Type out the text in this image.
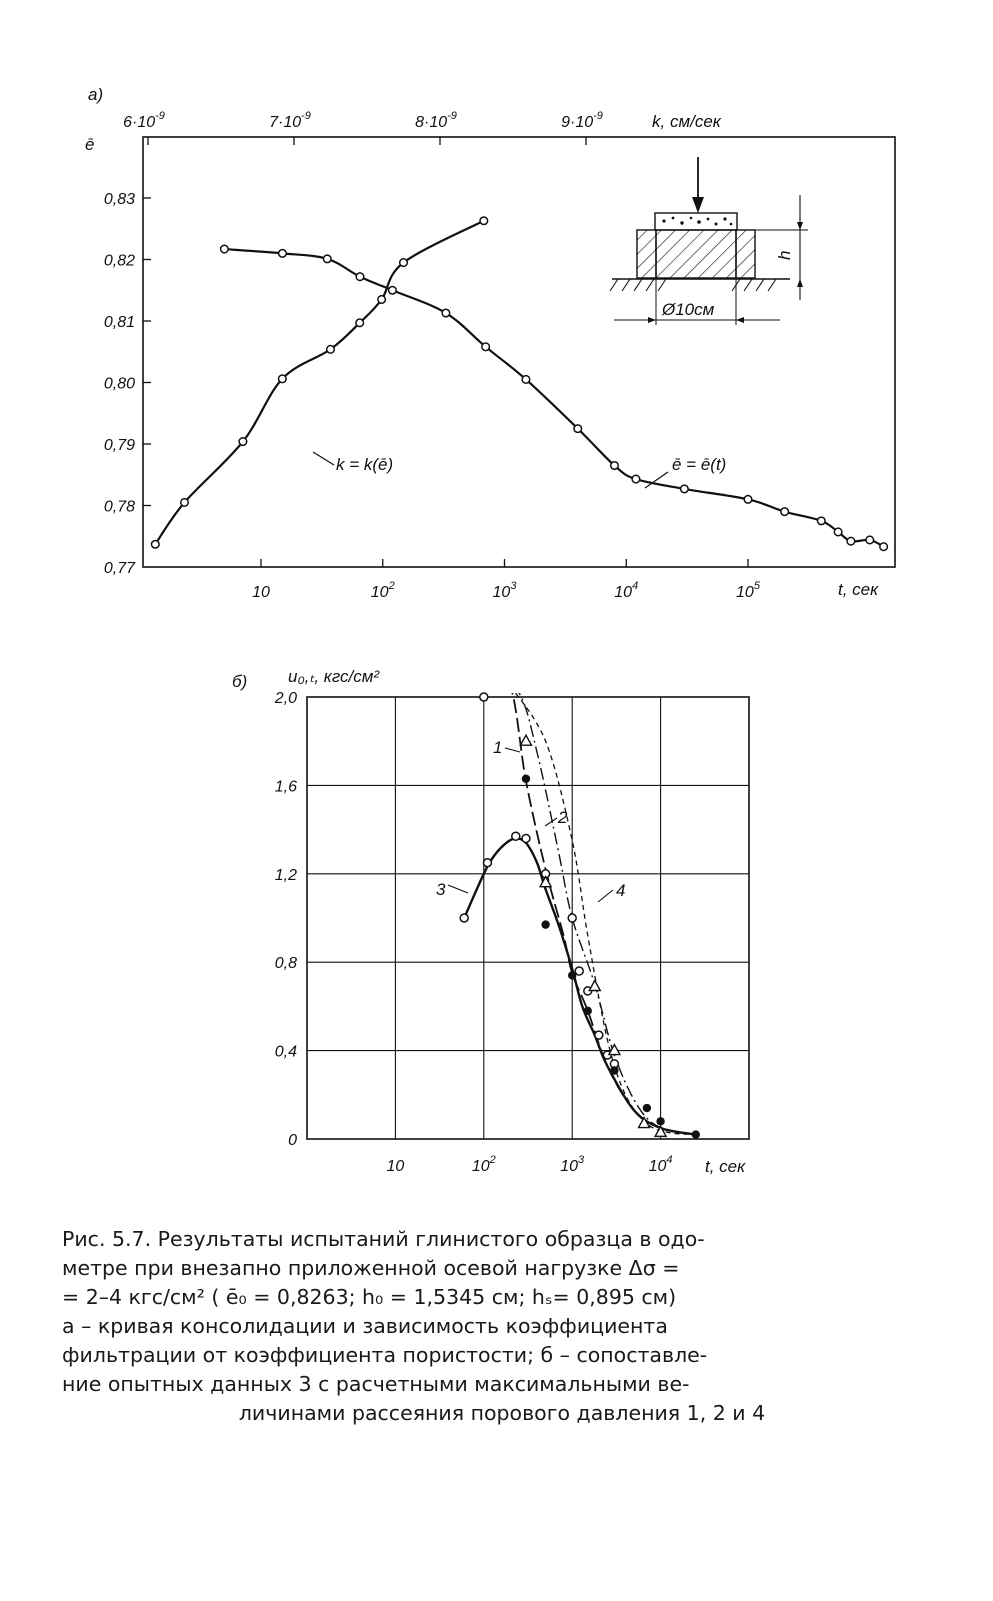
a)
ē
k, см/сек
0,77
0,78
0,79
0,80
0,81
0,82
0,83
10	$10^2$	$10^3$	$10^4$	$10^5$
$6\cdot 10^{-9}$	$7\cdot 10^{-9}$	$8\cdot 10^{-9}$	$9\cdot 10^{-9}$
t, сек
k = k(ē)	ē = ē(t)
Ø10см
h
б) u₀,ₜ, кгс/см²
0
0,4
0,8
1,2
1,6
2,0
10	$10^2$	$10^3$	$10^4$ t, сек
1
2
3	4

Рис. 5.7. Результаты испытаний глинистого образца в одо-

метре при внезапно приложенной осевой нагрузке Δσ =

= 2–4 кгс/см² ( ē₀ = 0,8263; h₀ = 1,5345 см; hₛ= 0,895 см)

а – кривая консолидации и зависимость коэффициента

фильтрации от коэффициента пористости; б – сопоставле-

ние опытных данных 3 с расчетными максимальными ве-

личинами рассеяния порового давления 1, 2 и 4
